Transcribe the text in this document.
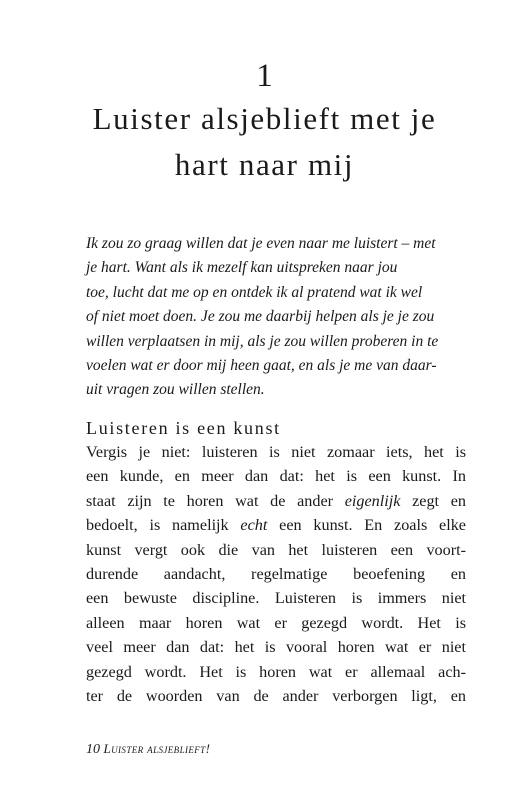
1
Luister alsjeblieft met je
hart naar mij
Ik zou zo graag willen dat je even naar me luistert – met
je hart. Want als ik mezelf kan uitspreken naar jou
toe, lucht dat me op en ontdek ik al pratend wat ik wel
of niet moet doen. Je zou me daarbij helpen als je je zou
willen verplaatsen in mij, als je zou willen proberen in te
voelen wat er door mij heen gaat, en als je me van daar-
uit vragen zou willen stellen.
Luisteren is een kunst
Vergis je niet: luisteren is niet zomaar iets, het is
een kunde, en meer dan dat: het is een kunst. In
staat zijn te horen wat de ander eigenlijk zegt en
bedoelt, is namelijk echt een kunst. En zoals elke
kunst vergt ook die van het luisteren een voort-
durende aandacht, regelmatige beoefening en
een bewuste discipline. Luisteren is immers niet
alleen maar horen wat er gezegd wordt. Het is
veel meer dan dat: het is vooral horen wat er niet
gezegd wordt. Het is horen wat er allemaal ach-
ter de woorden van de ander verborgen ligt, en
10 Luister alsjeblieft!
